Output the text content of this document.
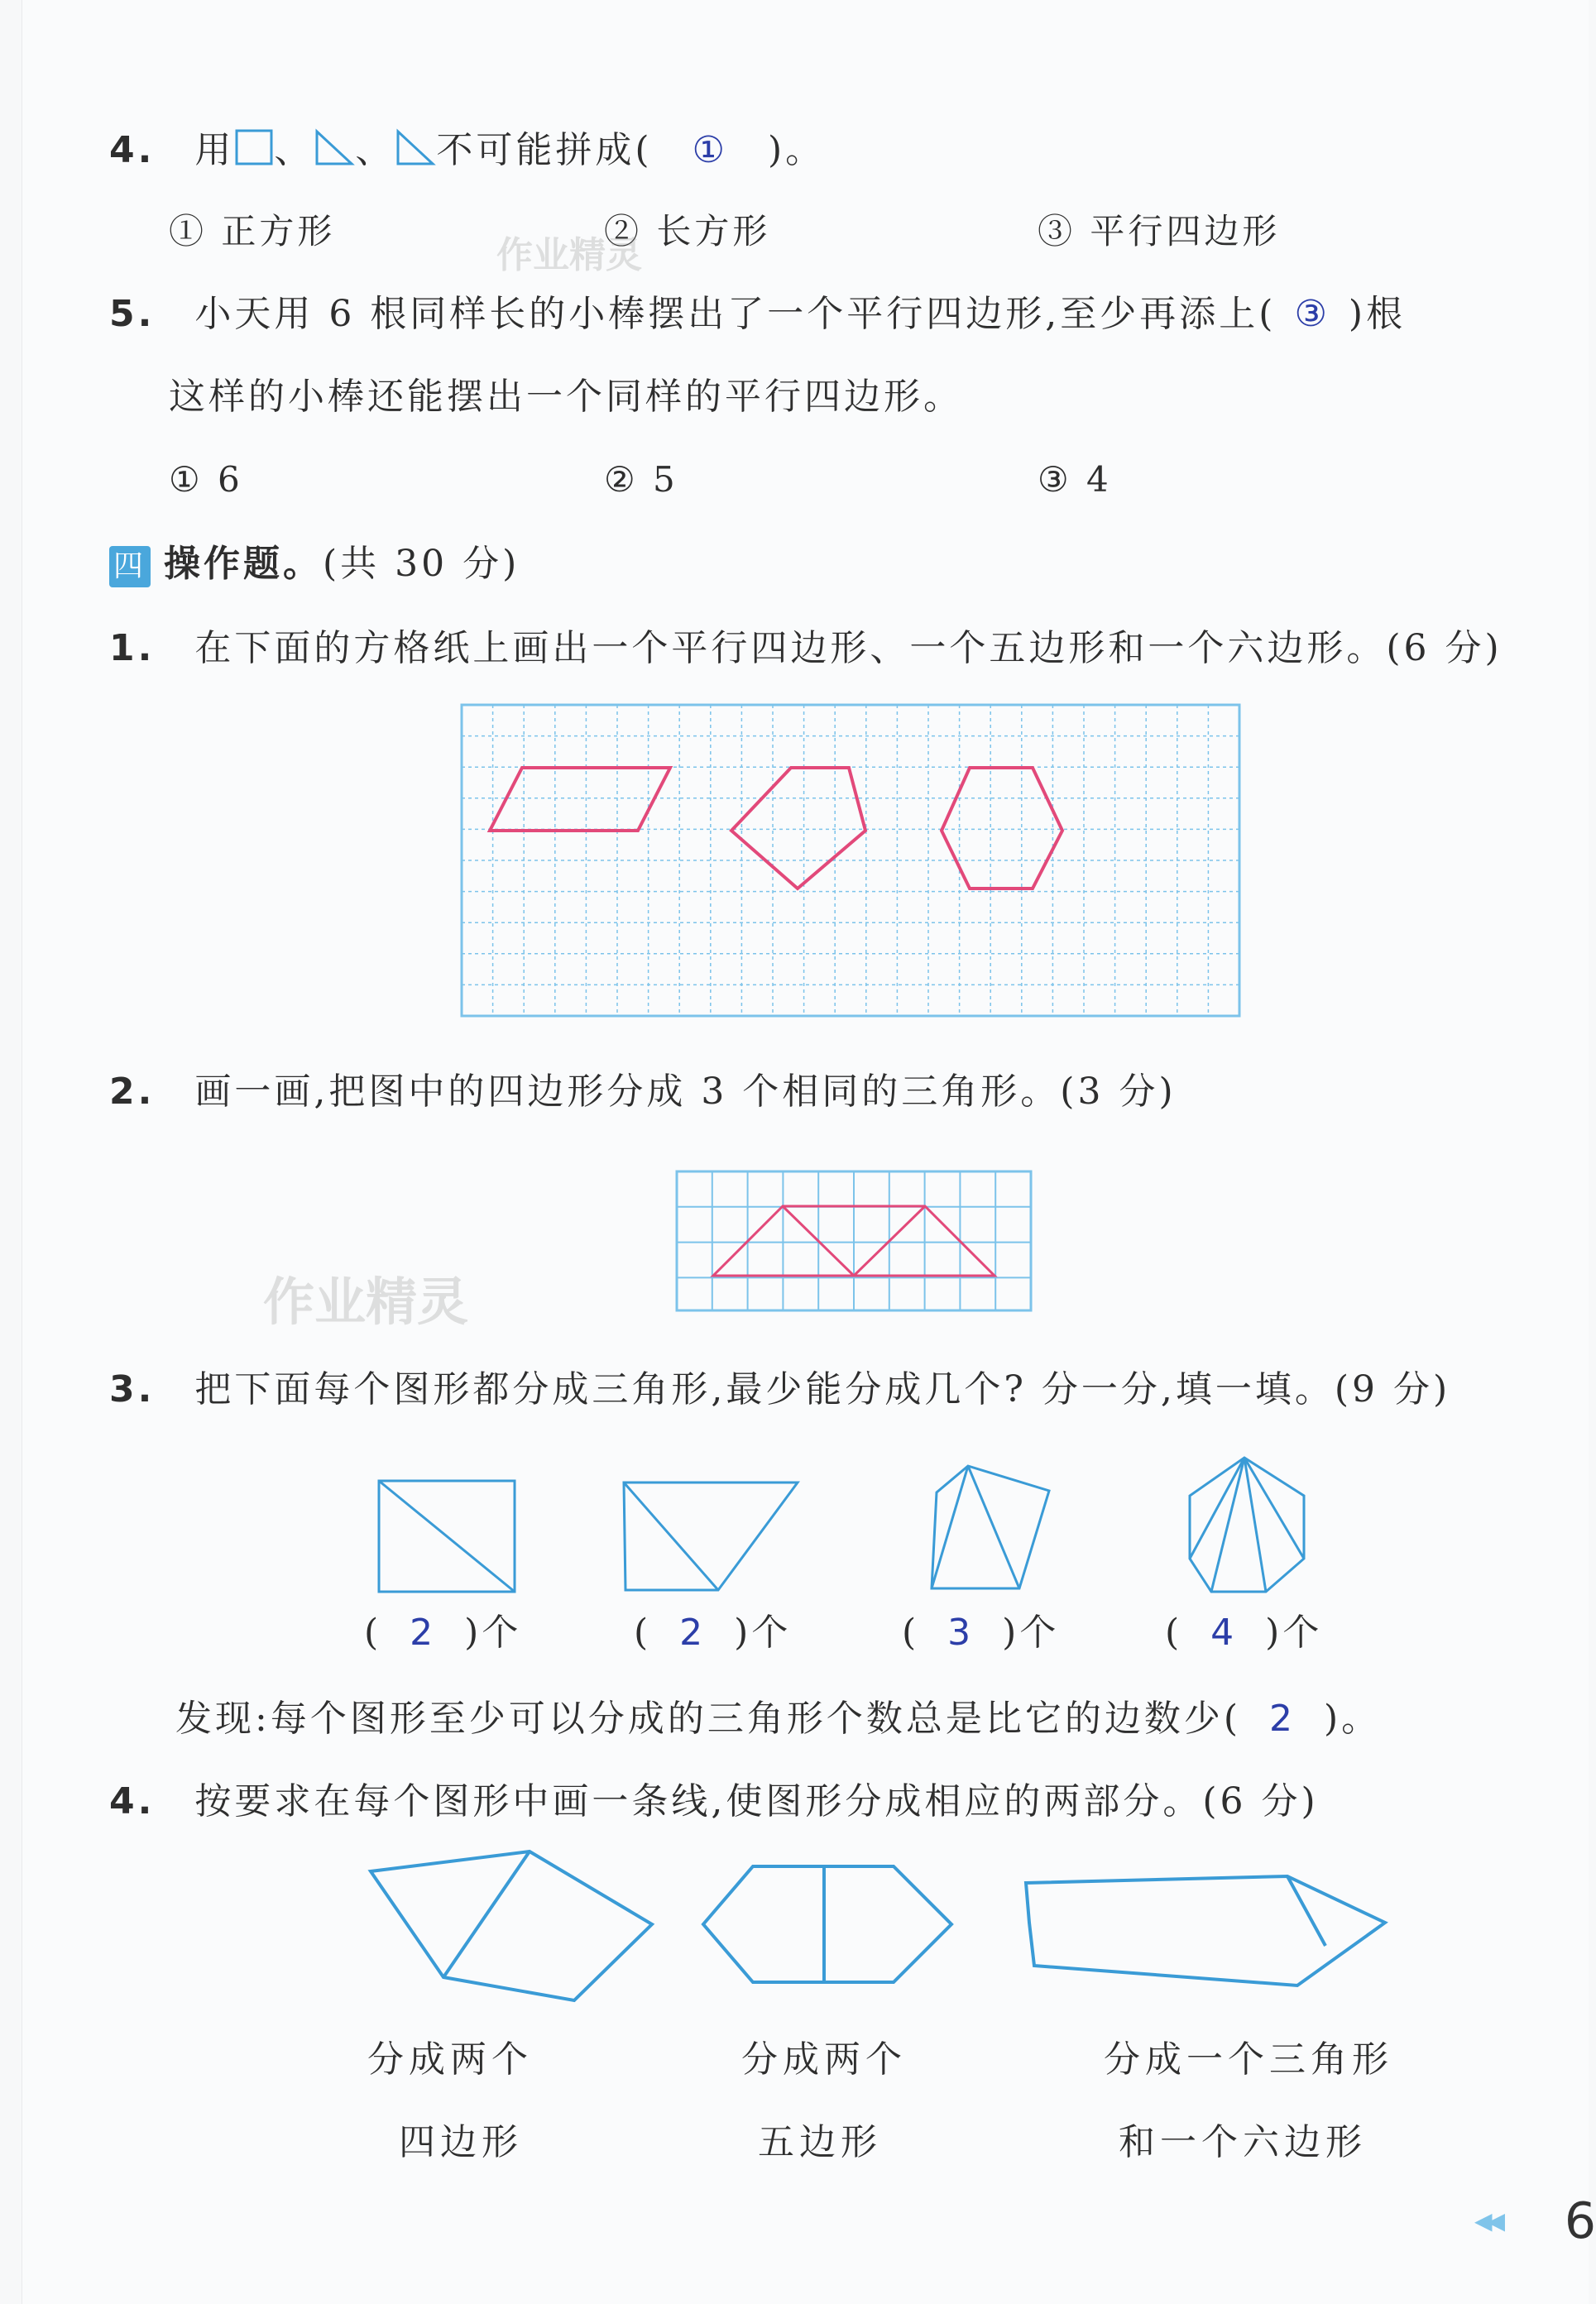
4. 用 、 、 不可能拼成( ① )。
① 正方形	② 长方形	③ 平行四边形
5. 小天用 6 根同样长的小棒摆出了一个平行四边形,至少再添上( ③ )根
这样的小棒还能摆出一个同样的平行四边形。
① 6	② 5	③ 4
四 操作题。(共 30 分)
1. 在下面的方格纸上画出一个平行四边形、一个五边形和一个六边形。(6 分)
2. 画一画,把图中的四边形分成 3 个相同的三角形。(3 分)
3. 把下面每个图形都分成三角形,最少能分成几个? 分一分,填一填。(9 分)
( 2 )个	( 2 )个	( 3 )个	( 4 )个
发现:每个图形至少可以分成的三角形个数总是比它的边数少( 2 )。
4. 按要求在每个图形中画一条线,使图形分成相应的两部分。(6 分)
分成两个
四边形
分成两个
五边形
分成一个三角形
和一个六边形
作业精灵
作业精灵
◀◀ 6
